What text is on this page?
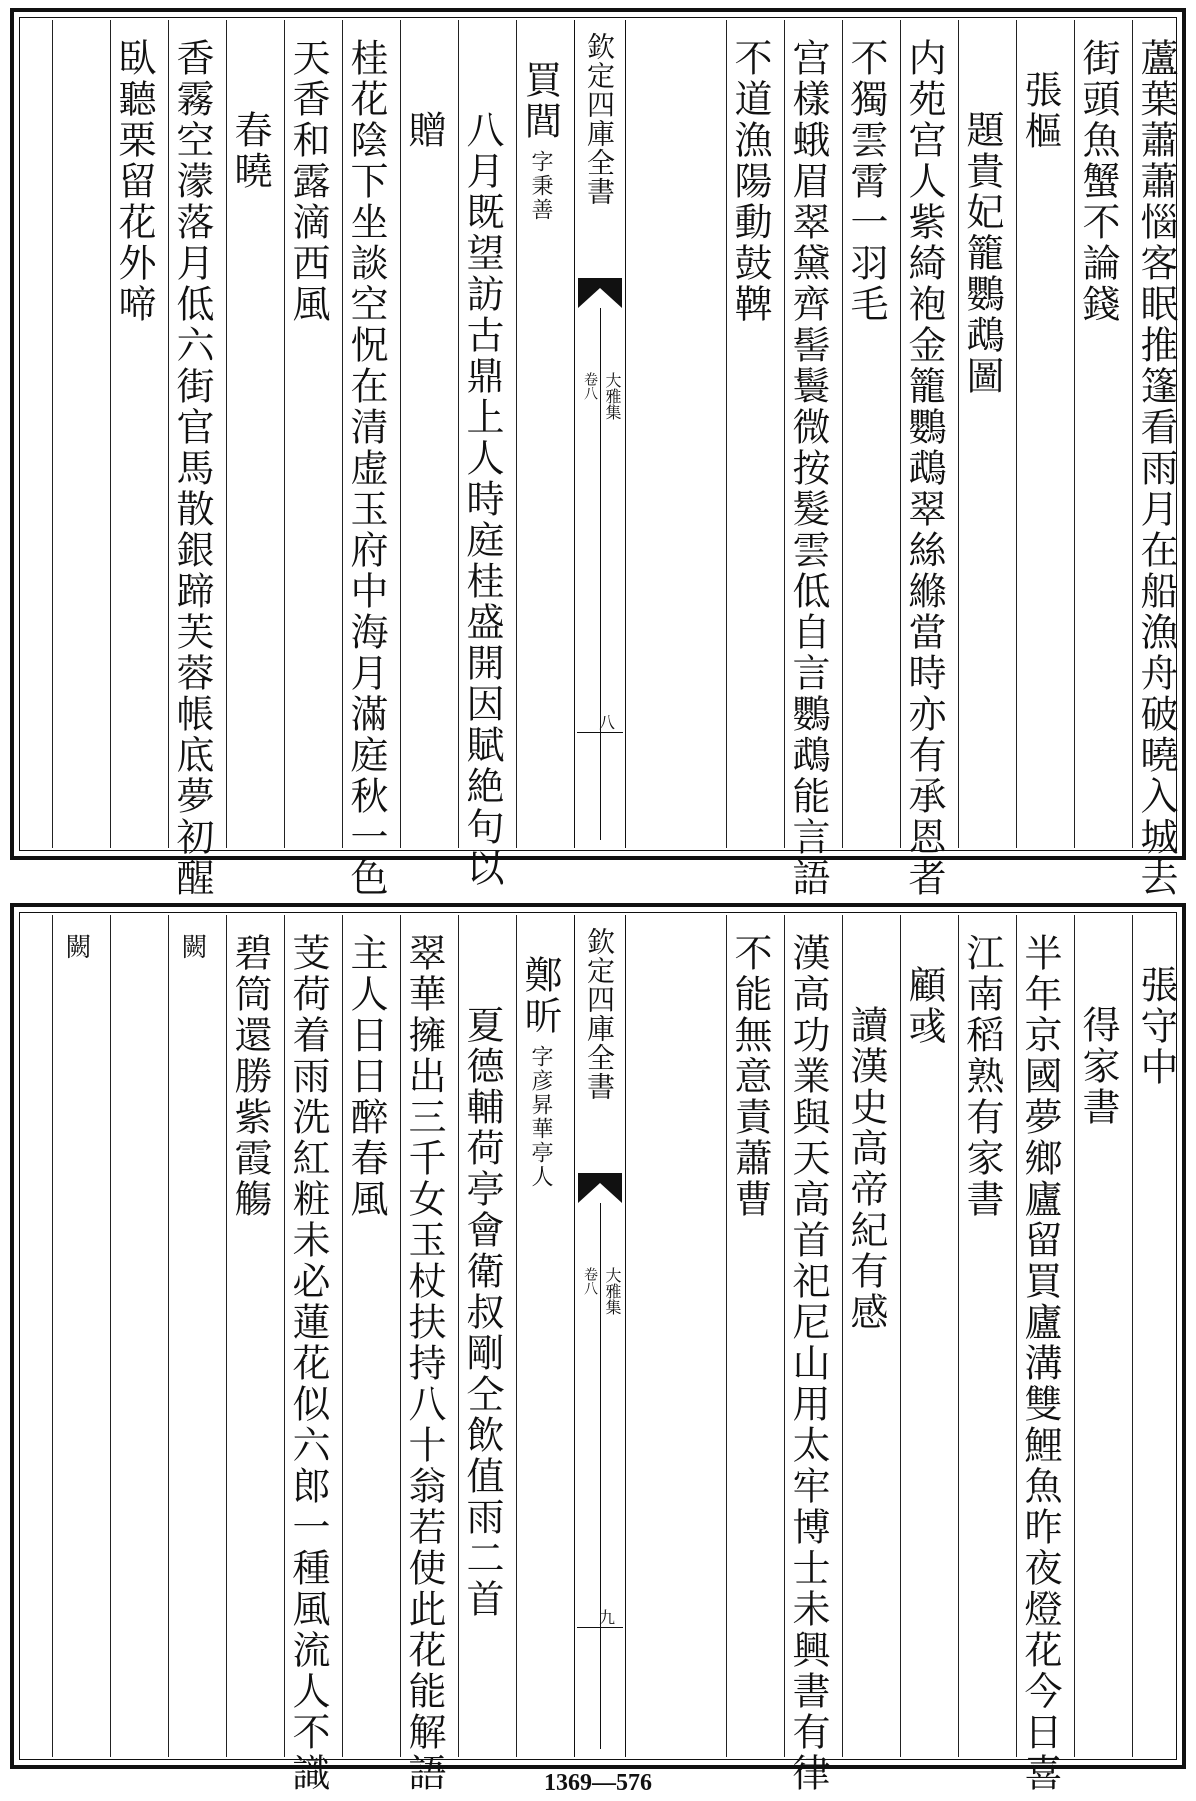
蘆葉蕭蕭惱客眠推篷看雨月在船漁舟破曉入城去
街頭魚蟹不論錢
張樞
題貴妃籠鸚鵡圖
内苑宫人紫綺袍金籠鸚鵡翠絲縧當時亦有承恩者
不獨雲霄一羽毛
宫樣蛾眉翠黛齊髻鬟微按髮雲低自言鸚鵡能言語
不道漁陽動鼓鞞
欽定四庫全書
大雅集
卷八
八
買閭
字秉善
八月既望訪古鼎上人時庭桂盛開因賦絶句以
贈
桂花陰下坐談空怳在清虚玉府中海月滿庭秋一色
天香和露滴西風
春曉
香霧空濛落月低六街官馬散銀蹄芙蓉帳底夢初醒
臥聽栗留花外啼
張守中
得家書
半年京國夢鄉廬留買廬溝雙鯉魚昨夜燈花今日喜
江南稻熟有家書
顧彧
讀漢史高帝紀有感
漢高功業與天高首祀尼山用太牢博士未興書有律
不能無意責蕭曹
欽定四庫全書
大雅集
卷八
九
鄭昕
字彦昇華亭人
夏德輔荷亭會衛叔剛仝飲值雨二首
翠華擁出三千女玉杖扶持八十翁若使此花能解語
主人日日醉春風
芰荷着雨洗紅粧未必蓮花似六郎一種風流人不識
碧筒還勝紫霞觴
闕
闕
1369—576
